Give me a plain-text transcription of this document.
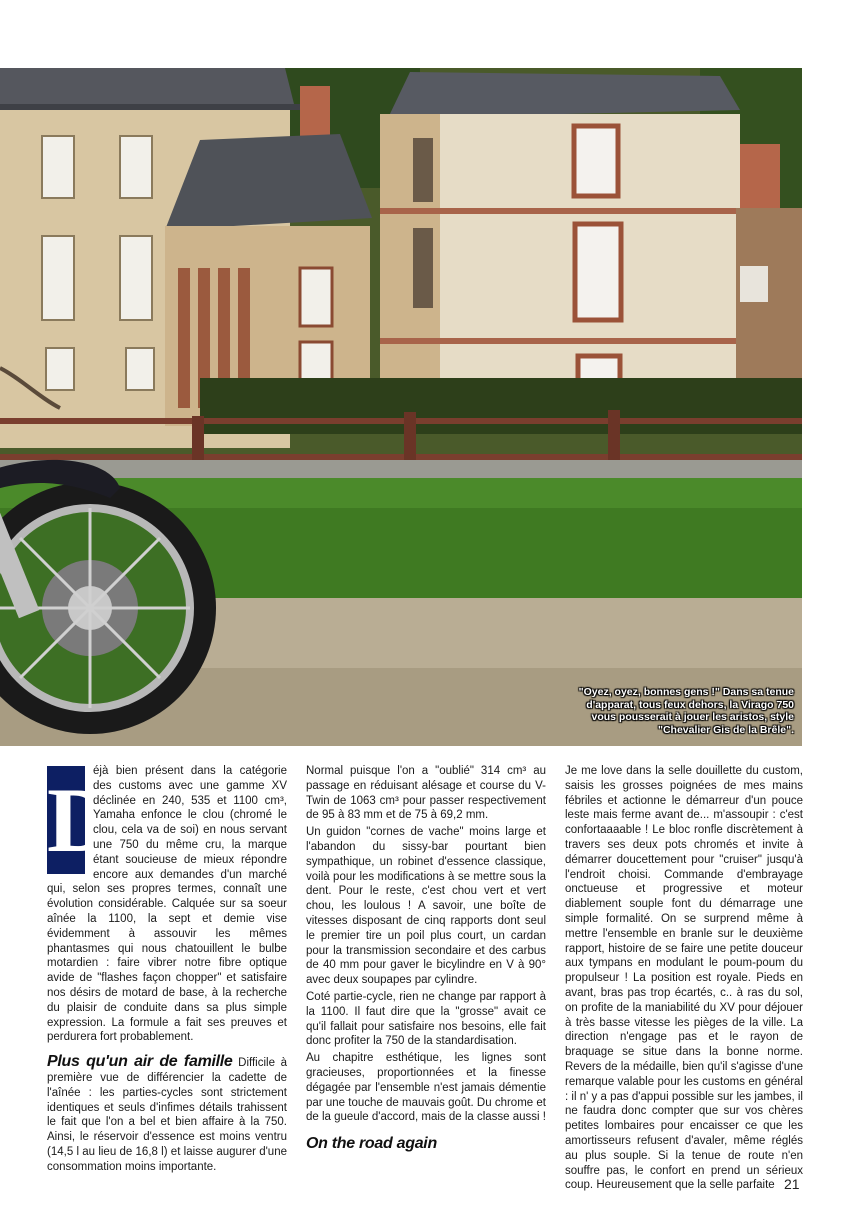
"Oyez, oyez, bonnes gens !" Dans sa tenue d'apparat, tous feux dehors, la Virago 750 vous pousserait à jouer les aristos, style "Chevalier Gis de la Brêle".
D

éjà bien présent dans la catégorie des customs avec une gamme XV déclinée en 240, 535 et 1100 cm³, Yamaha enfonce le clou (chromé le clou, cela va de soi) en nous servant une 750 du même cru, la marque étant soucieuse de mieux répondre encore aux demandes d'un marché qui, selon ses propres termes, connaît une évolution considérable. Calquée sur sa soeur aînée la 1100, la sept et demie vise évidemment à assouvir les mêmes phantasmes qui nous chatouillent le bulbe motardien : faire vibrer notre fibre optique avide de "flashes façon chopper" et satisfaire nos désirs de motard de base, à la recherche du plaisir de conduite dans sa plus simple expression. La formule a fait ses preuves et perdurera fort probablement.

Plus qu'un air de famille Difficile à première vue de différencier la cadette de l'aînée : les parties-cycles sont strictement identiques et seuls d'infimes détails trahissent le fait que l'on a bel et bien affaire à la 750. Ainsi, le réservoir d'essence est moins ventru (14,5 l au lieu de 16,8 l) et laisse augurer d'une consommation moins importante.

Normal puisque l'on a "oublié" 314 cm³ au passage en réduisant alésage et course du V-Twin de 1063 cm³ pour passer respectivement de 95 à 83 mm et de 75 à 69,2 mm.

Un guidon "cornes de vache" moins large et l'abandon du sissy-bar pourtant bien sympathique, un robinet d'essence classique, voilà pour les modifications à se mettre sous la dent. Pour le reste, c'est chou vert et vert chou, les loulous ! A savoir, une boîte de vitesses disposant de cinq rapports dont seul le premier tire un poil plus court, un cardan pour la transmission secondaire et des carbus de 40 mm pour gaver le bicylindre en V à 90° avec deux soupapes par cylindre.

Coté partie-cycle, rien ne change par rapport à la 1100. Il faut dire que la "grosse" avait ce qu'il fallait pour satisfaire nos besoins, elle fait donc profiter la 750 de la standardisation.

Au chapitre esthétique, les lignes sont gracieuses, proportionnées et la finesse dégagée par l'ensemble n'est jamais démentie par une touche de mauvais goût. Du chrome et de la gueule d'accord, mais de la classe aussi !

On the road again

Je me love dans la selle douillette du custom, saisis les grosses poignées de mes mains fébriles et actionne le démarreur d'un pouce leste mais ferme avant de... m'assoupir : c'est confortaaaable ! Le bloc ronfle discrètement à travers ses deux pots chromés et invite à démarrer doucettement pour "cruiser" jusqu'à l'endroit choisi. Commande d'embrayage onctueuse et progressive et moteur diablement souple font du démarrage une simple formalité. On se surprend même à mettre l'ensemble en branle sur le deuxième rapport, histoire de se faire une petite douceur aux tympans en modulant le poum-poum du propulseur ! La position est royale. Pieds en avant, bras pas trop écartés, c.. à ras du sol, on profite de la maniabilité du XV pour déjouer à très basse vitesse les pièges de la ville. La direction n'engage pas et le rayon de braquage se situe dans la bonne norme. Revers de la médaille, bien qu'il s'agisse d'une remarque valable pour les customs en général : il n' y a pas d'appui possible sur les jambes, il ne faudra donc compter que sur vos chères petites lombaires pour encaisser ce que les amortisseurs refusent d'avaler, même réglés au plus souple. Si la tenue de route n'en souffre pas, le confort en prend un sérieux coup. Heureusement que la selle parfaite 21
